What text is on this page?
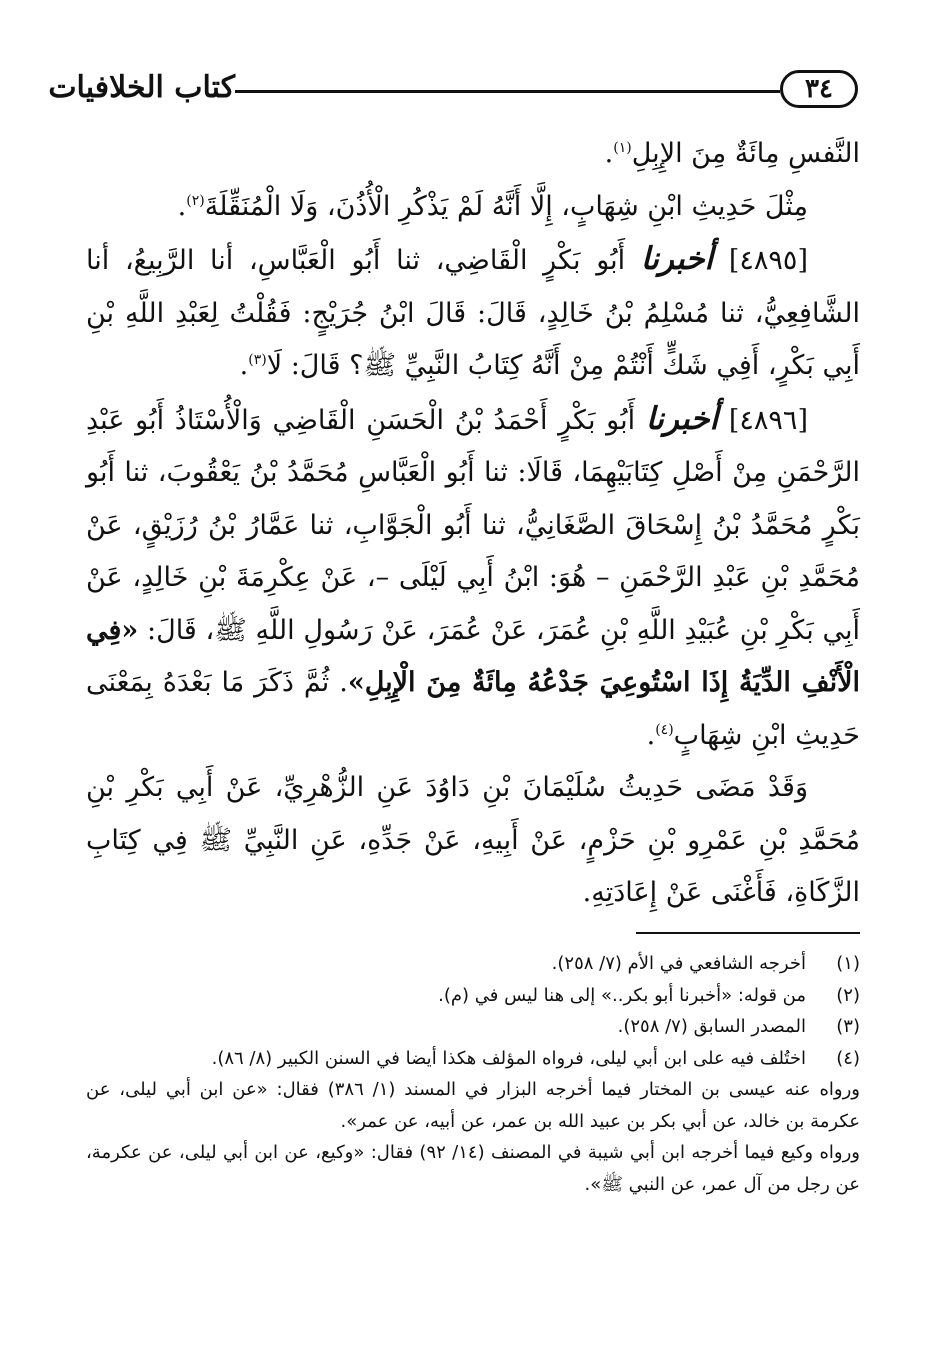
كتاب الخلافيات	٣٤

النَّفسِ مِائَةٌ مِنَ الإِبِلِ$^{(١)}$.

مِثْلَ حَدِيثِ ابْنِ شِهَابٍ، إِلَّا أَنَّهُ لَمْ يَذْكُرِ الْأُذُنَ، وَلَا الْمُنَقِّلَةَ$^{(٢)}$.

[٤٨٩٥] أخبرنا أَبُو بَكْرٍ الْقَاضِي، ثنا أَبُو الْعَبَّاسِ، أنا الرَّبِيعُ، أنا الشَّافِعِيُّ، ثنا مُسْلِمُ بْنُ خَالِدٍ، قَالَ: قَالَ ابْنُ جُرَيْجٍ: فَقُلْتُ لِعَبْدِ اللَّهِ بْنِ أَبِي بَكْرٍ، أَفِي شَكٍّ أَنْتُمْ مِنْ أَنَّهُ كِتَابُ النَّبِيِّ ﷺ؟ قَالَ: لَا$^{(٣)}$.

[٤٨٩٦] أخبرنا أَبُو بَكْرٍ أَحْمَدُ بْنُ الْحَسَنِ الْقَاضِي وَالْأُسْتَاذُ أَبُو عَبْدِ الرَّحْمَنِ مِنْ أَصْلِ كِتَابَيْهِمَا، قَالَا: ثنا أَبُو الْعَبَّاسِ مُحَمَّدُ بْنُ يَعْقُوبَ، ثنا أَبُو بَكْرٍ مُحَمَّدُ بْنُ إِسْحَاقَ الصَّغَانِيُّ، ثنا أَبُو الْجَوَّابِ، ثنا عَمَّارُ بْنُ رُزَيْقٍ، عَنْ مُحَمَّدِ بْنِ عَبْدِ الرَّحْمَنِ – هُوَ: ابْنُ أَبِي لَيْلَى –، عَنْ عِكْرِمَةَ بْنِ خَالِدٍ، عَنْ أَبِي بَكْرِ بْنِ عُبَيْدِ اللَّهِ بْنِ عُمَرَ، عَنْ عُمَرَ، عَنْ رَسُولِ اللَّهِ ﷺ، قَالَ: «فِي الْأَنْفِ الدِّيَةُ إِذَا اسْتُوعِيَ جَدْعُهُ مِائَةٌ مِنَ الْإِبِلِ». ثُمَّ ذَكَرَ مَا بَعْدَهُ بِمَعْنَى حَدِيثِ ابْنِ شِهَابٍ$^{(٤)}$.

وَقَدْ مَضَى حَدِيثُ سُلَيْمَانَ بْنِ دَاوُدَ عَنِ الزُّهْرِيِّ، عَنْ أَبِي بَكْرِ بْنِ مُحَمَّدِ بْنِ عَمْرِو بْنِ حَزْمٍ، عَنْ أَبِيهِ، عَنْ جَدِّهِ، عَنِ النَّبِيِّ ﷺ فِي كِتَابِ الزَّكَاةِ، فَأَغْنَى عَنْ إِعَادَتِهِ.

(١)
أخرجه الشافعي في الأم (٧/ ٢٥٨).
(٢)
من قوله: «أخبرنا أبو بكر..» إلى هنا ليس في (م).
(٣)
المصدر السابق (٧/ ٢٥٨).
(٤)
اختُلف فيه على ابن أبي ليلى، فرواه المؤلف هكذا أيضا في السنن الكبير (٨/ ٨٦).

ورواه عنه عيسى بن المختار فيما أخرجه البزار في المسند (١/ ٣٨٦) فقال: «عن ابن أبي ليلى، عن عكرمة بن خالد، عن أبي بكر بن عبيد الله بن عمر، عن أبيه، عن عمر».

ورواه وكيع فيما أخرجه ابن أبي شيبة في المصنف (١٤/ ٩٢) فقال: «وكيع، عن ابن أبي ليلى، عن عكرمة، عن رجل من آل عمر، عن النبي ﷺ».
